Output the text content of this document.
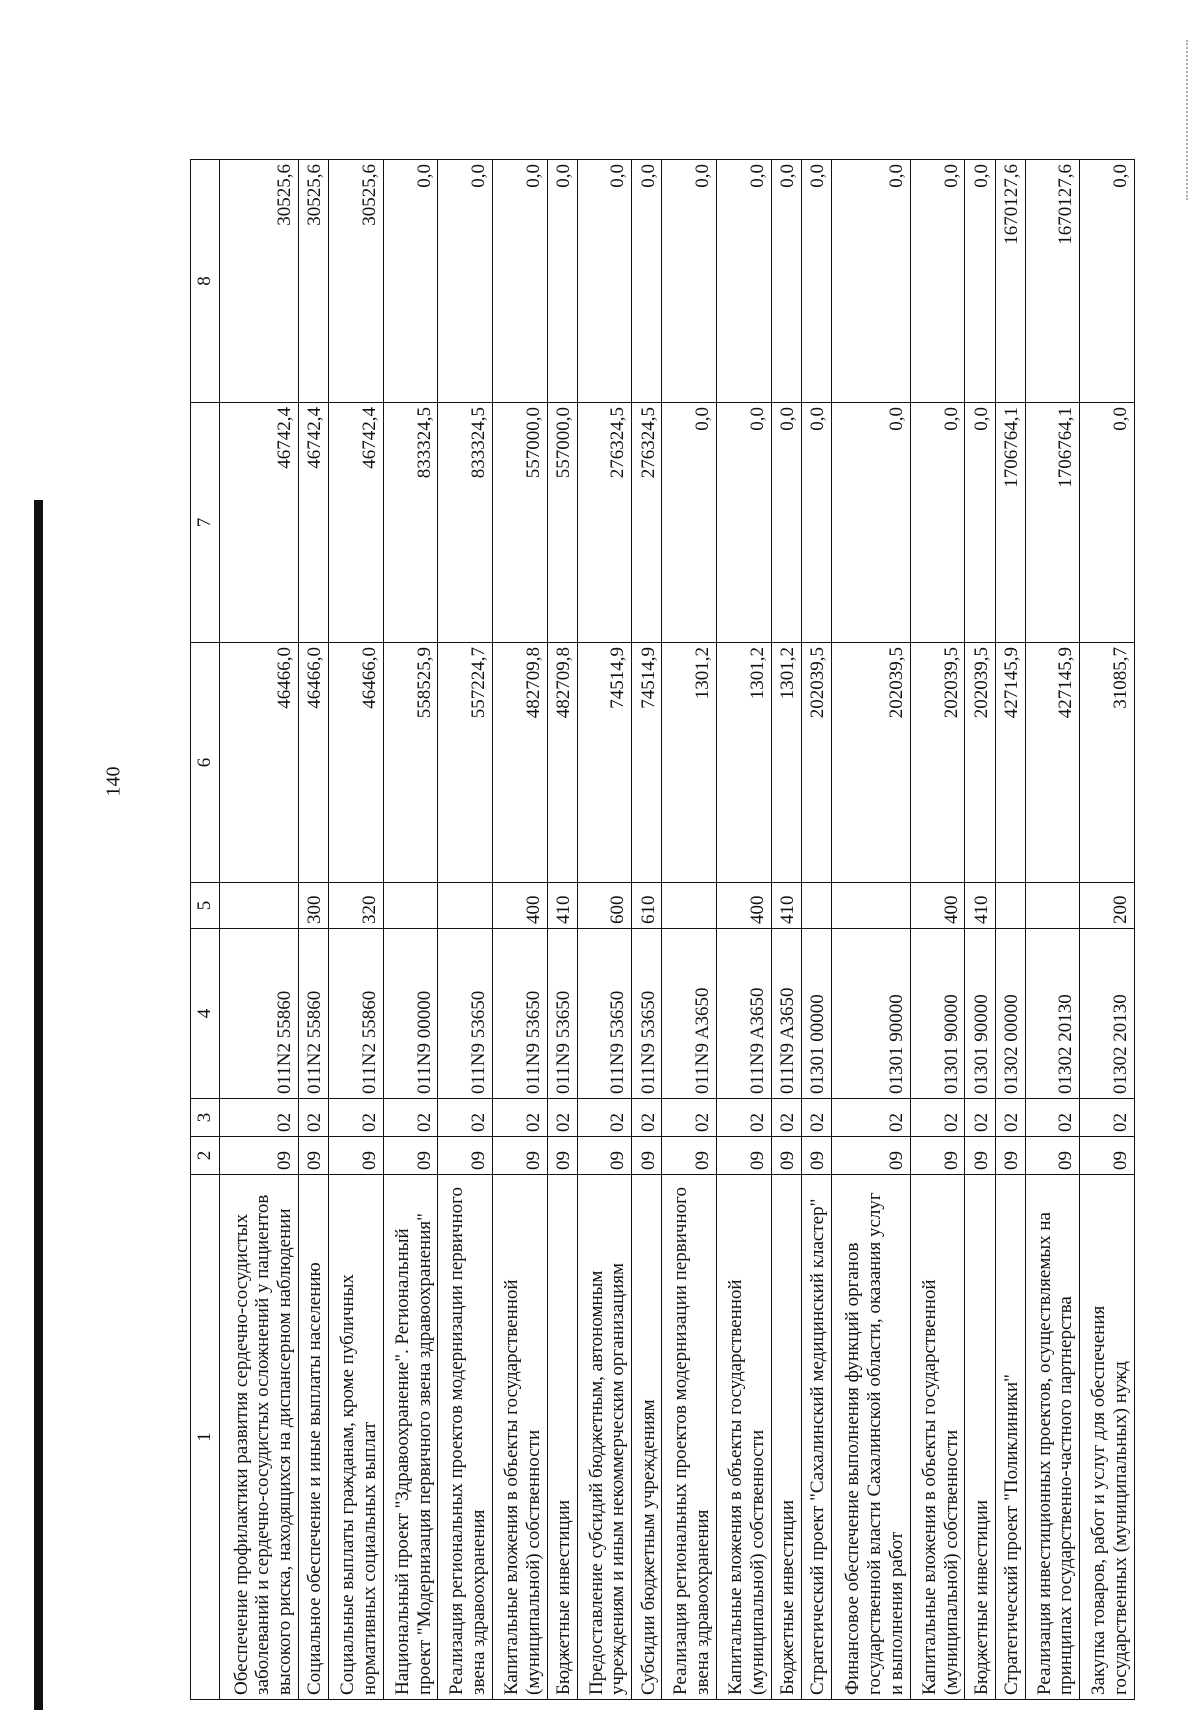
140
1	2	3	4	5	6	7	8
Обеспечение профилактики развития сердечно-сосудистых заболеваний и сердечно-сосудистых осложнений у пациентов высокого риска, находящихся на диспансерном наблюдении	09	02	011N2 55860		46466,0	46742,4	30525,6
Социальное обеспечение и иные выплаты населению	09	02	011N2 55860	300	46466,0	46742,4	30525,6
Социальные выплаты гражданам, кроме публичных нормативных социальных выплат	09	02	011N2 55860	320	46466,0	46742,4	30525,6
Национальный проект "Здравоохранение". Региональный проект "Модернизация первичного звена здравоохранения"	09	02	011N9 00000		558525,9	833324,5	0,0
Реализация региональных проектов модернизации первичного звена здравоохранения	09	02	011N9 53650		557224,7	833324,5	0,0
Капитальные вложения в объекты государственной (муниципальной) собственности	09	02	011N9 53650	400	482709,8	557000,0	0,0
Бюджетные инвестиции	09	02	011N9 53650	410	482709,8	557000,0	0,0
Предоставление субсидий бюджетным, автономным учреждениям и иным некоммерческим организациям	09	02	011N9 53650	600	74514,9	276324,5	0,0
Субсидии бюджетным учреждениям	09	02	011N9 53650	610	74514,9	276324,5	0,0
Реализация региональных проектов модернизации первичного звена здравоохранения	09	02	011N9 A3650		1301,2	0,0	0,0
Капитальные вложения в объекты государственной (муниципальной) собственности	09	02	011N9 A3650	400	1301,2	0,0	0,0
Бюджетные инвестиции	09	02	011N9 A3650	410	1301,2	0,0	0,0
Стратегический проект "Сахалинский медицинский кластер"	09	02	01301 00000		202039,5	0,0	0,0
Финансовое обеспечение выполнения функций органов государственной власти Сахалинской области, оказания услуг и выполнения работ	09	02	01301 90000		202039,5	0,0	0,0
Капитальные вложения в объекты государственной (муниципальной) собственности	09	02	01301 90000	400	202039,5	0,0	0,0
Бюджетные инвестиции	09	02	01301 90000	410	202039,5	0,0	0,0
Стратегический проект "Поликлиники"	09	02	01302 00000		427145,9	1706764,1	1670127,6
Реализация инвестиционных проектов, осуществляемых на принципах государственно-частного партнерства	09	02	01302 20130		427145,9	1706764,1	1670127,6
Закупка товаров, работ и услуг для обеспечения государственных (муниципальных) нужд	09	02	01302 20130	200	31085,7	0,0	0,0
